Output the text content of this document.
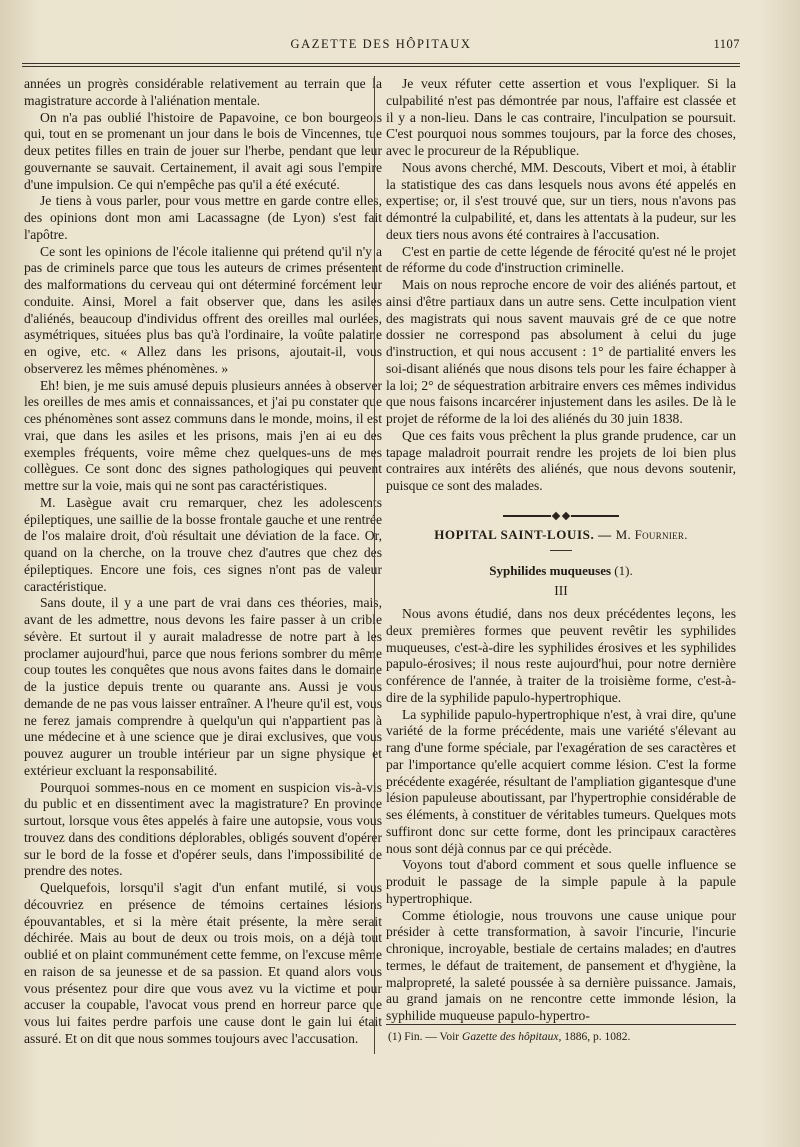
GAZETTE DES HÔPITAUX	1107

années un progrès considérable relativement au terrain que la magistrature accorde à l'aliénation mentale.

On n'a pas oublié l'histoire de Papavoine, ce bon bourgeois qui, tout en se promenant un jour dans le bois de Vincennes, tue deux petites filles en train de jouer sur l'herbe, pendant que leur gouvernante se sauvait. Certainement, il avait agi sous l'empire d'une impulsion. Ce qui n'empêche pas qu'il a été exécuté.

Je tiens à vous parler, pour vous mettre en garde contre elles, des opinions dont mon ami Lacassagne (de Lyon) s'est fait l'apôtre.

Ce sont les opinions de l'école italienne qui prétend qu'il n'y a pas de criminels parce que tous les auteurs de crimes présentent des malformations du cerveau qui ont déterminé forcément leur conduite. Ainsi, Morel a fait observer que, dans les asiles d'aliénés, beaucoup d'individus offrent des oreilles mal ourlées, asymétriques, situées plus bas qu'à l'ordinaire, la voûte palatine en ogive, etc. « Allez dans les prisons, ajoutait-il, vous observerez les mêmes phénomènes. »

Eh! bien, je me suis amusé depuis plusieurs années à observer les oreilles de mes amis et connaissances, et j'ai pu constater que ces phénomènes sont assez communs dans le monde, moins, il est vrai, que dans les asiles et les prisons, mais j'en ai eu des exemples fréquents, voire même chez quelques-uns de mes collègues. Ce sont donc des signes pathologiques qui peuvent mettre sur la voie, mais qui ne sont pas caractéristiques.

M. Lasègue avait cru remarquer, chez les adolescents épileptiques, une saillie de la bosse frontale gauche et une rentrée de l'os malaire droit, d'où résultait une déviation de la face. Or, quand on la cherche, on la trouve chez d'autres que chez des épileptiques. Encore une fois, ces signes n'ont pas de valeur caractéristique.

Sans doute, il y a une part de vrai dans ces théories, mais, avant de les admettre, nous devons les faire passer à un crible sévère. Et surtout il y aurait maladresse de notre part à les proclamer aujourd'hui, parce que nous ferions sombrer du même coup toutes les conquêtes que nous avons faites dans le domaine de la justice depuis trente ou quarante ans. Aussi je vous demande de ne pas vous laisser entraîner. A l'heure qu'il est, vous ne ferez jamais comprendre à quelqu'un qui n'appartient pas à une médecine et à une science que je dirai exclusives, que vous pouvez augurer un trouble intérieur par un signe physique et extérieur excluant la responsabilité.

Pourquoi sommes-nous en ce moment en suspicion vis-à-vis du public et en dissentiment avec la magistrature? En province surtout, lorsque vous êtes appelés à faire une autopsie, vous vous trouvez dans des conditions déplorables, obligés souvent d'opérer sur le bord de la fosse et d'opérer seuls, dans l'impossibilité de prendre des notes.

Quelquefois, lorsqu'il s'agit d'un enfant mutilé, si vous découvriez en présence de témoins certaines lésions épouvantables, et si la mère était présente, la mère serait déchirée. Mais au bout de deux ou trois mois, on a déjà tout oublié et on plaint communément cette femme, on l'excuse même en raison de sa jeunesse et de sa passion. Et quand alors vous vous présentez pour dire que vous avez vu la victime et pour accuser la coupable, l'avocat vous prend en horreur parce que vous lui faites perdre parfois une cause dont le gain lui était assuré. Et on dit que nous sommes toujours avec l'accusation.

Je veux réfuter cette assertion et vous l'expliquer. Si la culpabilité n'est pas démontrée par nous, l'affaire est classée et il y a non-lieu. Dans le cas contraire, l'inculpation se poursuit. C'est pourquoi nous sommes toujours, par la force des choses, avec le procureur de la République.

Nous avons cherché, MM. Descouts, Vibert et moi, à établir la statistique des cas dans lesquels nous avons été appelés en expertise; or, il s'est trouvé que, sur un tiers, nous n'avons pas démontré la culpabilité, et, dans les attentats à la pudeur, sur les deux tiers nous avons été contraires à l'accusation.

C'est en partie de cette légende de férocité qu'est né le projet de réforme du code d'instruction criminelle.

Mais on nous reproche encore de voir des aliénés partout, et ainsi d'être partiaux dans un autre sens. Cette inculpation vient des magistrats qui nous savent mauvais gré de ce que notre dossier ne correspond pas absolument à celui du juge d'instruction, et qui nous accusent : 1° de partialité envers les soi-disant aliénés que nous disons tels pour les faire échapper à la loi; 2° de séquestration arbitraire envers ces mêmes individus que nous faisons incarcérer injustement dans les asiles. De là le projet de réforme de la loi des aliénés du 30 juin 1838.

Que ces faits vous prêchent la plus grande prudence, car un tapage maladroit pourrait rendre les projets de loi bien plus contraires aux intérêts des aliénés, que nous devons soutenir, puisque ce sont des malades.

HOPITAL SAINT-LOUIS. — M. Fournier.
Syphilides muqueuses (1).
III

Nous avons étudié, dans nos deux précédentes leçons, les deux premières formes que peuvent revêtir les syphilides muqueuses, c'est-à-dire les syphilides érosives et les syphilides papulo-érosives; il nous reste aujourd'hui, pour notre dernière conférence de l'année, à traiter de la troisième forme, c'est-à-dire de la syphilide papulo-hypertrophique.

La syphilide papulo-hypertrophique n'est, à vrai dire, qu'une variété de la forme précédente, mais une variété s'élevant au rang d'une forme spéciale, par l'exagération de ses caractères et par l'importance qu'elle acquiert comme lésion. C'est la forme précédente exagérée, résultant de l'ampliation gigantesque d'une lésion papuleuse aboutissant, par l'hypertrophie considérable de ses éléments, à constituer de véritables tumeurs. Quelques mots suffiront donc sur cette forme, dont les principaux caractères nous sont déjà connus par ce qui précède.

Voyons tout d'abord comment et sous quelle influence se produit le passage de la simple papule à la papule hypertrophique.

Comme étiologie, nous trouvons une cause unique pour présider à cette transformation, à savoir l'incurie, l'incurie chronique, incroyable, bestiale de certains malades; en d'autres termes, le défaut de traitement, de pansement et d'hygiène, la malpropreté, la saleté poussée à sa dernière puissance. Jamais, au grand jamais on ne rencontre cette immonde lésion, la syphilide muqueuse papulo-hypertro-

(1) Fin. — Voir Gazette des hôpitaux, 1886, p. 1082.
